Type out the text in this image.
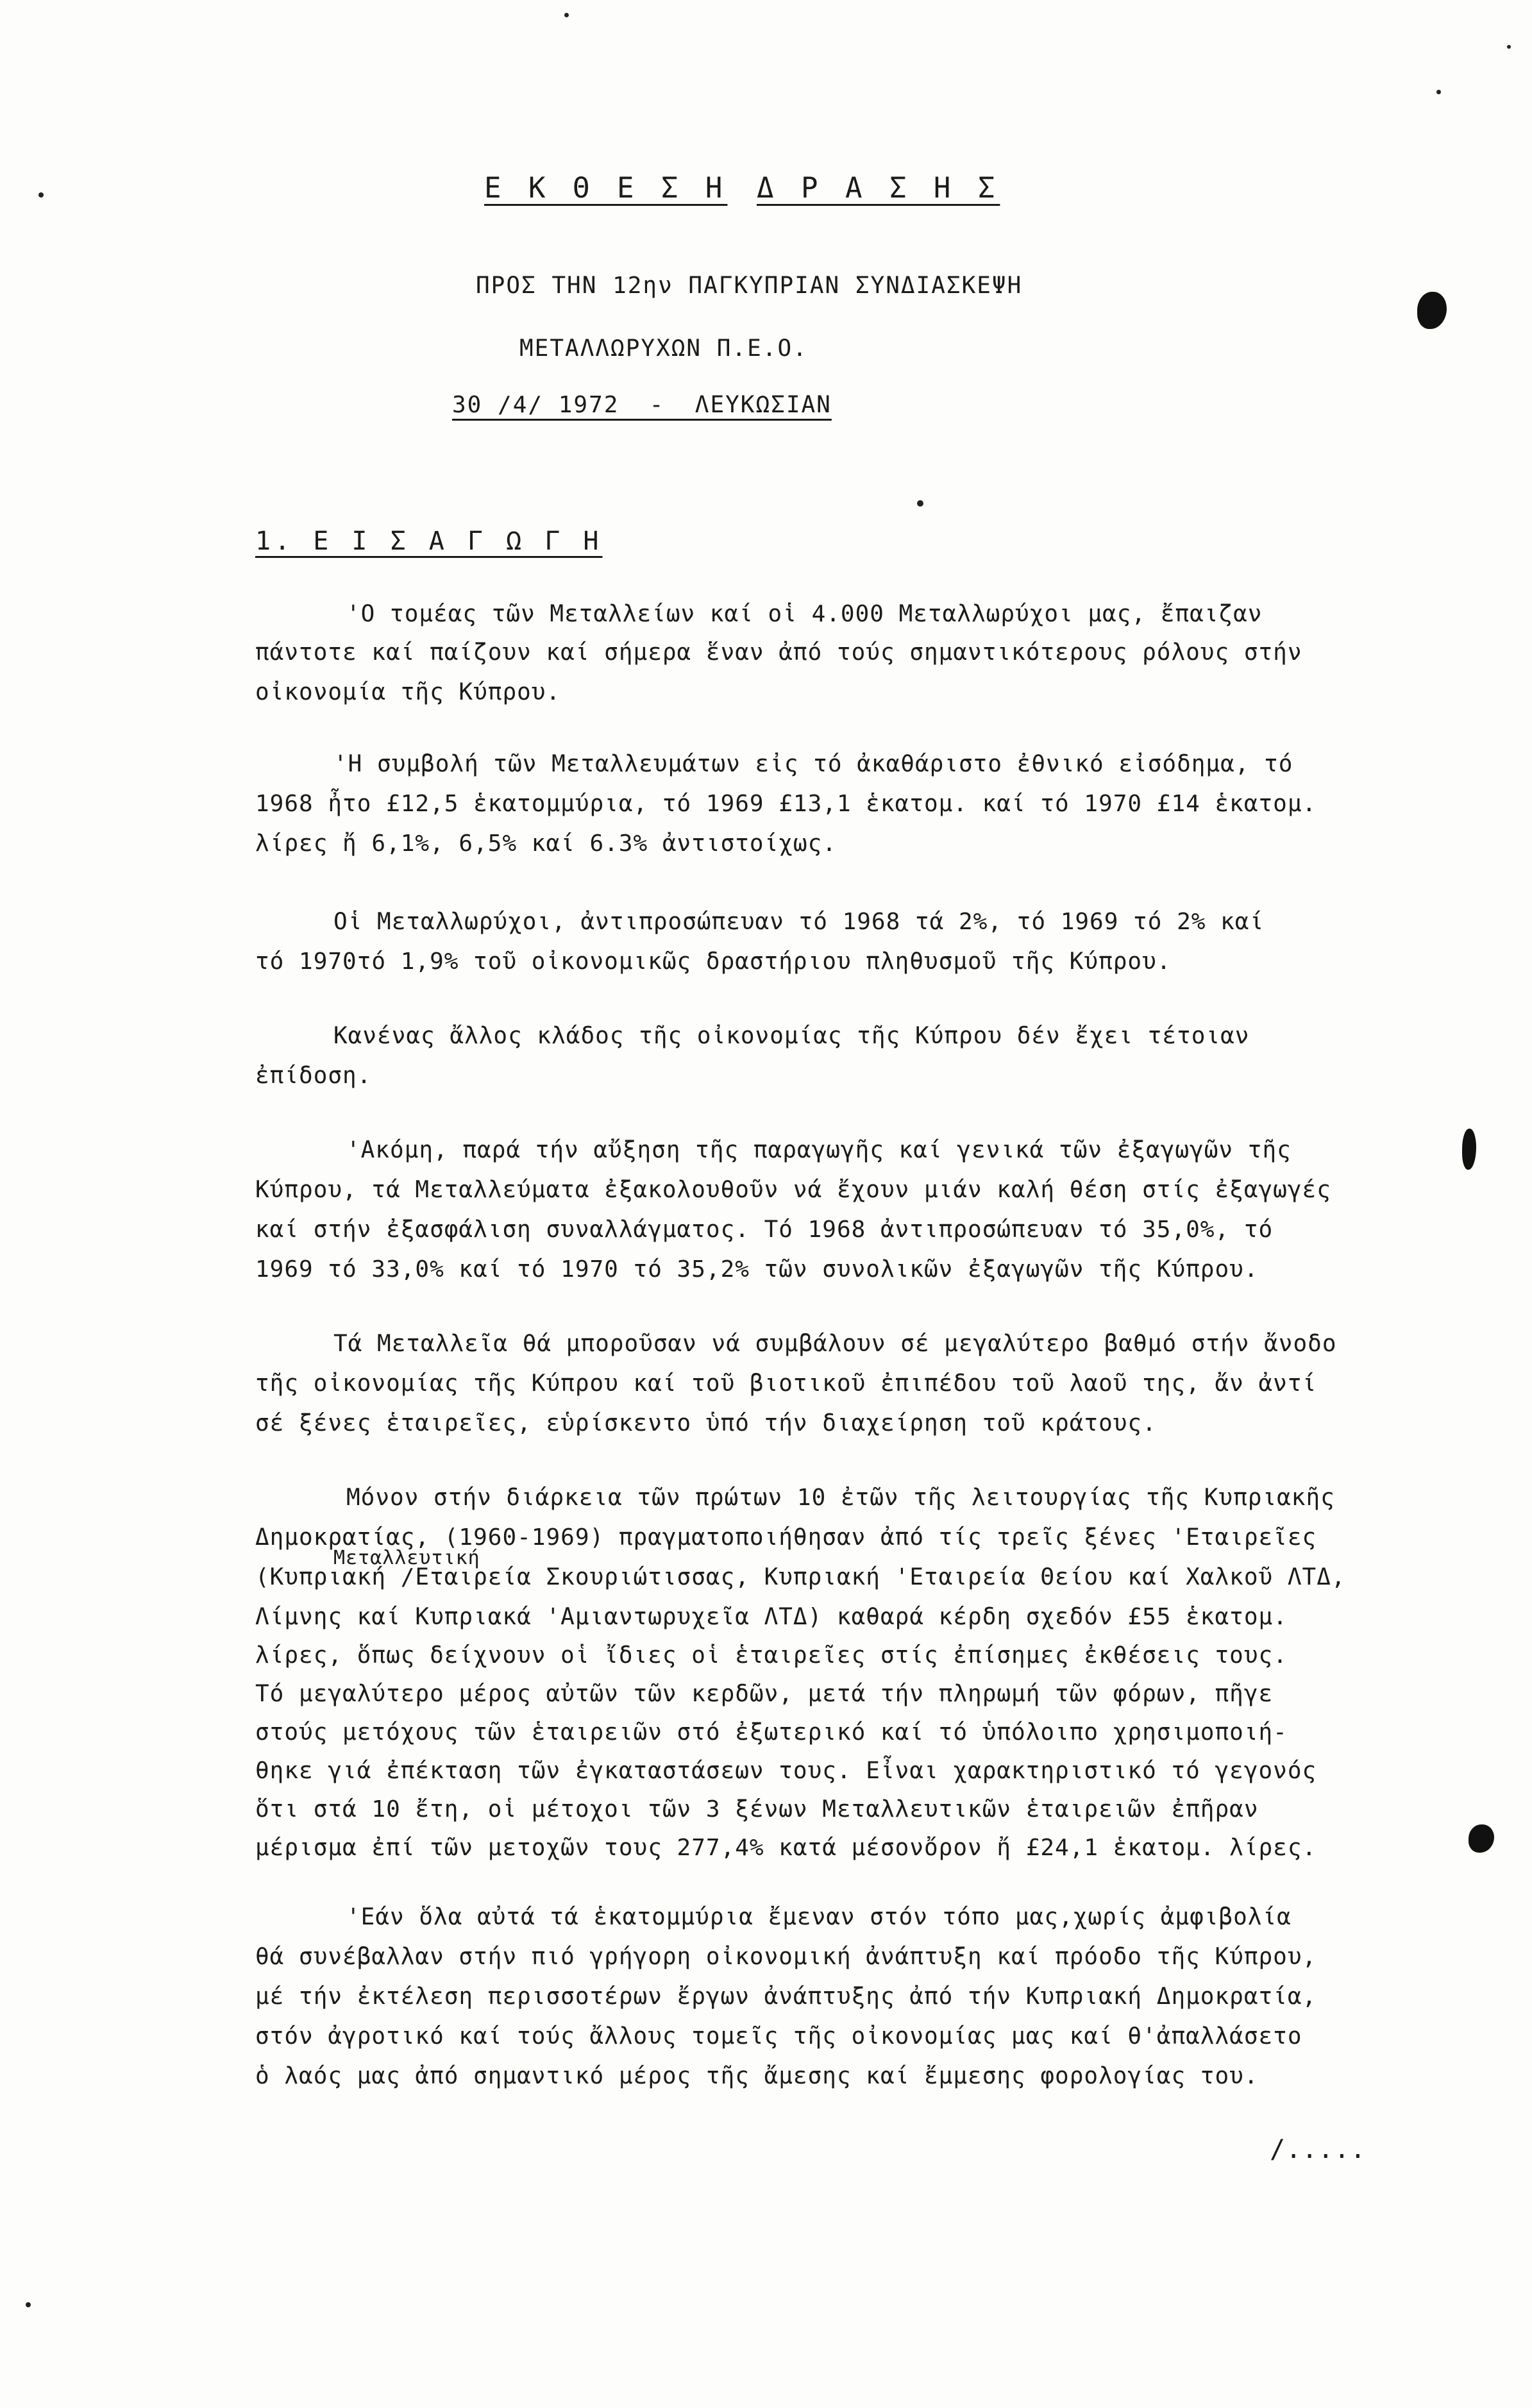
Ε Κ Θ Ε Σ Η Δ Ρ Α Σ Η Σ
ΠΡΟΣ ΤΗΝ 12ην ΠΑΓΚΥΠΡΙΑΝ ΣΥΝΔΙΑΣΚΕΨΗ
ΜΕΤΑΛΛΩΡΥΧΩΝ Π.Ε.Ο.
30 /4/ 1972  -  ΛΕΥΚΩΣΙΑΝ
1. Ε Ι Σ Α Γ Ω Γ Η
'Ο τομέας τῶν Μεταλλείων καί οἱ 4.000 Μεταλλωρύχοι μας, ἔπαιζαν
πάντοτε καί παίζουν καί σήμερα ἕναν ἀπό τούς σημαντικότερους ρόλους στήν
οἰκονομία τῆς Κύπρου.
'Η συμβολή τῶν Μεταλλευμάτων εἰς τό ἀκαθάριστο ἐθνικό εἰσόδημα, τό
1968 ἦτο £12,5 ἑκατομμύρια, τό 1969 £13,1 ἑκατομ. καί τό 1970 £14 ἑκατομ.
λίρες ἤ 6,1%, 6,5% καί 6.3% ἀντιστοίχως.
Οἱ Μεταλλωρύχοι, ἀντιπροσώπευαν τό 1968 τά 2%, τό 1969 τό 2% καί
τό 1970τό 1,9% τοῦ οἰκονομικῶς δραστήριου πληθυσμοῦ τῆς Κύπρου.
Κανένας ἄλλος κλάδος τῆς οἰκονομίας τῆς Κύπρου δέν ἔχει τέτοιαν
ἐπίδοση.
'Ακόμη, παρά τήν αὔξηση τῆς παραγωγῆς καί γενικά τῶν ἐξαγωγῶν τῆς
Κύπρου, τά Μεταλλεύματα ἐξακολουθοῦν νά ἔχουν μιάν καλή θέση στίς ἐξαγωγές
καί στήν ἐξασφάλιση συναλλάγματος. Τό 1968 ἀντιπροσώπευαν τό 35,0%, τό
1969 τό 33,0% καί τό 1970 τό 35,2% τῶν συνολικῶν ἐξαγωγῶν τῆς Κύπρου.
Τά Μεταλλεῖα θά μποροῦσαν νά συμβάλουν σέ μεγαλύτερο βαθμό στήν ἄνοδο
τῆς οἰκονομίας τῆς Κύπρου καί τοῦ βιοτικοῦ ἐπιπέδου τοῦ λαοῦ της, ἄν ἀντί
σέ ξένες ἑταιρεῖες, εὑρίσκεντο ὑπό τήν διαχείρηση τοῦ κράτους.
Μόνον στήν διάρκεια τῶν πρώτων 10 ἐτῶν τῆς λειτουργίας τῆς Κυπριακῆς
Δημοκρατίας, (1960-1969) πραγματοποιήθησαν ἀπό τίς τρεῖς ξένες 'Εταιρεῖες
Μεταλλευτική
(Κυπριακή /Εταιρεία Σκουριώτισσας, Κυπριακή 'Εταιρεία Θείου καί Χαλκοῦ ΛΤΔ,
Λίμνης καί Κυπριακά 'Αμιαντωρυχεῖα ΛΤΔ) καθαρά κέρδη σχεδόν £55 ἑκατομ.
λίρες, ὅπως δείχνουν οἱ ἴδιες οἱ ἑταιρεῖες στίς ἐπίσημες ἐκθέσεις τους.
Τό μεγαλύτερο μέρος αὐτῶν τῶν κερδῶν, μετά τήν πληρωμή τῶν φόρων, πῆγε
στούς μετόχους τῶν ἑταιρειῶν στό ἐξωτερικό καί τό ὑπόλοιπο χρησιμοποιή-
θηκε γιά ἐπέκταση τῶν ἐγκαταστάσεων τους. Εἶναι χαρακτηριστικό τό γεγονός
ὅτι στά 10 ἔτη, οἱ μέτοχοι τῶν 3 ξένων Μεταλλευτικῶν ἑταιρειῶν ἐπῆραν
μέρισμα ἐπί τῶν μετοχῶν τους 277,4% κατά μέσονὄρον ἤ £24,1 ἑκατομ. λίρες.
'Εάν ὅλα αὐτά τά ἑκατομμύρια ἔμεναν στόν τόπο μας,χωρίς ἀμφιβολία
θά συνέβαλλαν στήν πιό γρήγορη οἰκονομική ἀνάπτυξη καί πρόοδο τῆς Κύπρου,
μέ τήν ἐκτέλεση περισσοτέρων ἔργων ἀνάπτυξης ἀπό τήν Κυπριακή Δημοκρατία,
στόν ἀγροτικό καί τούς ἄλλους τομεῖς τῆς οἰκονομίας μας καί θ'ἀπαλλάσετο
ὁ λαός μας ἀπό σημαντικό μέρος τῆς ἄμεσης καί ἔμμεσης φορολογίας του.
/.....
